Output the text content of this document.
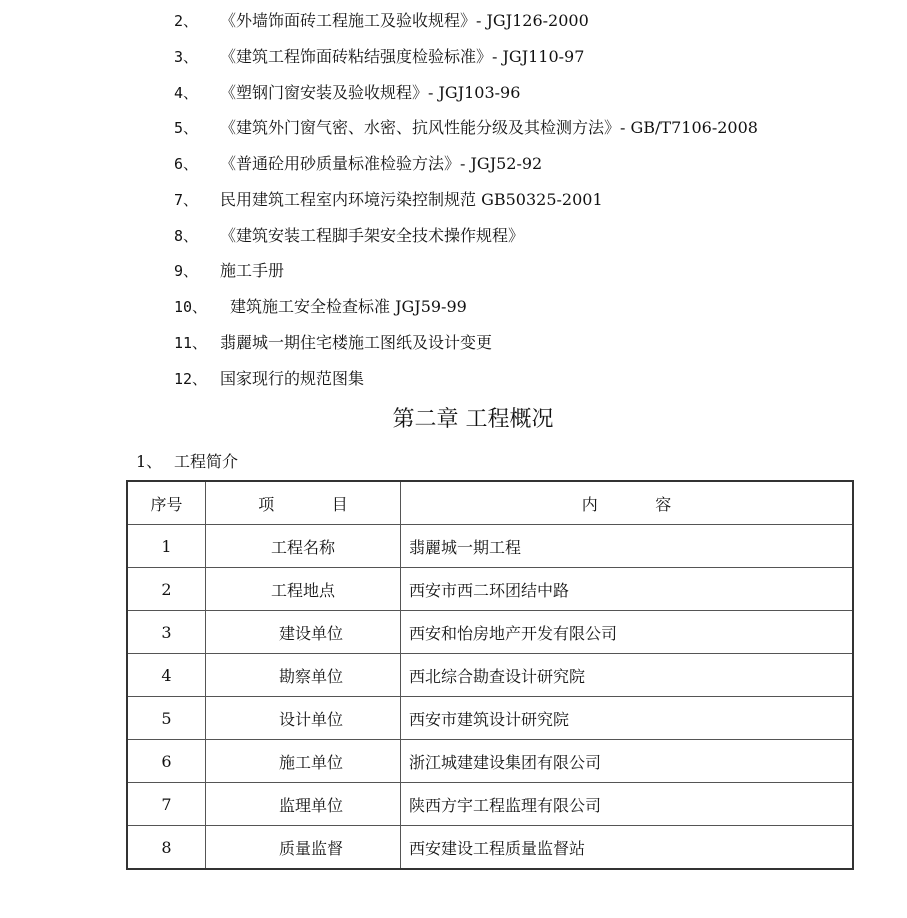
2、 《外墙饰面砖工程施工及验收规程》- JGJ126-2000
3、 《建筑工程饰面砖粘结强度检验标准》- JGJ110-97
4、 《塑钢门窗安装及验收规程》- JGJ103-96
5、 《建筑外门窗气密、水密、抗风性能分级及其检测方法》- GB/T7106-2008
6、 《普通砼用砂质量标准检验方法》- JGJ52-92
7、 民用建筑工程室内环境污染控制规范 GB50325-2001
8、 《建筑安装工程脚手架安全技术操作规程》
9、 施工手册
10、 建筑施工安全检查标准 JGJ59-99
11、 翡麗城一期住宅楼施工图纸及设计变更
12、 国家现行的规范图集
第二章 工程概况
1、 工程简介
序号	项目	内容
1	工程名称	翡麗城一期工程
2	工程地点	西安市西二环团结中路
3	建设单位	西安和怡房地产开发有限公司
4	勘察单位	西北综合勘查设计研究院
5	设计单位	西安市建筑设计研究院
6	施工单位	浙江城建建设集团有限公司
7	监理单位	陕西方宇工程监理有限公司
8	质量监督	西安建设工程质量监督站
